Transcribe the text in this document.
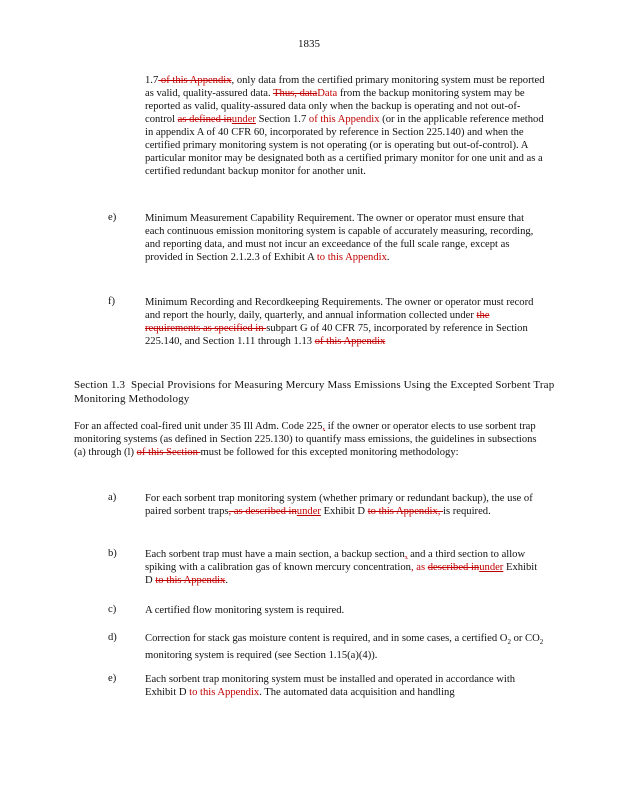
1835
1.7 of this Appendix, only data from the certified primary monitoring system must be reported as valid, quality-assured data. Thus, dataData from the backup monitoring system may be reported as valid, quality-assured data only when the backup is operating and not out-of-control as defined inunder Section 1.7 of this Appendix (or in the applicable reference method in appendix A of 40 CFR 60, incorporated by reference in Section 225.140) and when the certified primary monitoring system is not operating (or is operating but out-of-control). A particular monitor may be designated both as a certified primary monitor for one unit and as a certified redundant backup monitor for another unit.
e)	Minimum Measurement Capability Requirement. The owner or operator must ensure that each continuous emission monitoring system is capable of accurately measuring, recording, and reporting data, and must not incur an exceedance of the full scale range, except as provided in Section 2.1.2.3 of Exhibit A to this Appendix.
f)	Minimum Recording and Recordkeeping Requirements. The owner or operator must record and report the hourly, daily, quarterly, and annual information collected under the requirements as specified in subpart G of 40 CFR 75, incorporated by reference in Section 225.140, and Section 1.11 through 1.13 of this Appendix
Section 1.3 Special Provisions for Measuring Mercury Mass Emissions Using the Excepted Sorbent Trap Monitoring Methodology
For an affected coal-fired unit under 35 Ill Adm. Code 225, if the owner or operator elects to use sorbent trap monitoring systems (as defined in Section 225.130) to quantify mass emissions, the guidelines in subsections (a) through (l) of this Section must be followed for this excepted monitoring methodology:
a)	For each sorbent trap monitoring system (whether primary or redundant backup), the use of paired sorbent traps, as described inunder Exhibit D to this Appendix, is required.
b)	Each sorbent trap must have a main section, a backup section, and a third section to allow spiking with a calibration gas of known mercury concentration, as described inunder Exhibit D to this Appendix.
c)	A certified flow monitoring system is required.
d)	Correction for stack gas moisture content is required, and in some cases, a certified $O_2$ or $CO_2$ monitoring system is required (see Section 1.15(a)(4)).
e)	Each sorbent trap monitoring system must be installed and operated in accordance with Exhibit D to this Appendix. The automated data acquisition and handling
